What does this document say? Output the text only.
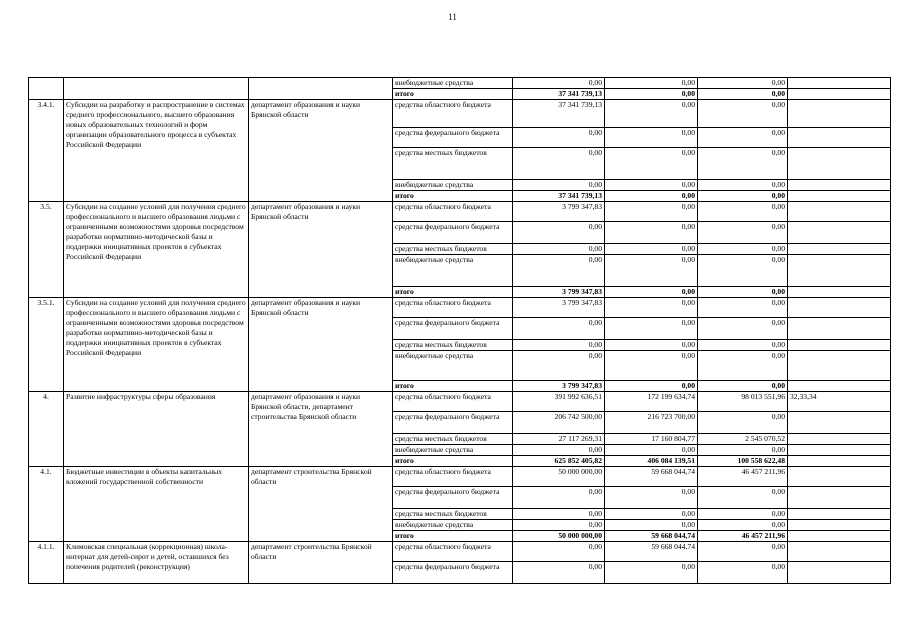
11
			внебюджетные средства	0,00	0,00	0,00	
			итого	37 341 739,13	0,00	0,00	
3.4.1.	Субсидии на разработку и распространение в системах среднего профессионального, высшего образования новых образовательных технологий и форм организации образовательного процесса в субъектах Российской Федерации	департамент образования и науки Брянской области	средства областного бюджета	37 341 739,13	0,00	0,00	
			средства федерального бюджета	0,00	0,00	0,00	
			средства местных бюджетов	0,00	0,00	0,00	
			внебюджетные средства	0,00	0,00	0,00	
			итого	37 341 739,13	0,00	0,00	
3.5.	Субсидии на создание условий для получения среднего профессионального и высшего образования людьми с ограниченными возможностями здоровья посредством разработки нормативно-методической базы и поддержки инициативных проектов в субъектах Российской Федерации	департамент образования и науки Брянской области	средства областного бюджета	3 799 347,83	0,00	0,00	
			средства федерального бюджета	0,00	0,00	0,00	
			средства местных бюджетов	0,00	0,00	0,00	
			внебюджетные средства	0,00	0,00	0,00	
			итого	3 799 347,83	0,00	0,00	
3.5.1.	Субсидии на создание условий для получения среднего профессионального и высшего образования людьми с ограниченными возможностями здоровья посредством разработки нормативно-методической базы и поддержки инициативных проектов в субъектах Российской Федерации	департамент образования и науки Брянской области	средства областного бюджета	3 799 347,83	0,00	0,00	
			средства федерального бюджета	0,00	0,00	0,00	
			средства местных бюджетов	0,00	0,00	0,00	
			внебюджетные средства	0,00	0,00	0,00	
			итого	3 799 347,83	0,00	0,00	
4.	Развитие инфраструктуры сферы образования	департамент образования и науки Брянской области, департамент строительства Брянской области	средства областного бюджета	391 992 636,51	172 199 634,74	98 013 551,96	32,33,34
			средства федерального бюджета	206 742 500,00	216 723 700,00	0,00	
			средства местных бюджетов	27 117 269,31	17 160 804,77	2 545 070,52	
			внебюджетные средства	0,00	0,00	0,00	
			итого	625 852 405,82	406 084 139,51	100 558 622,48	
4.1.	Бюджетные инвестиции в объекты капитальных вложений государственной собственности	департамент строительства Брянской области	средства областного бюджета	50 000 000,00	59 668 044,74	46 457 211,96	
			средства федерального бюджета	0,00	0,00	0,00	
			средства местных бюджетов	0,00	0,00	0,00	
			внебюджетные средства	0,00	0,00	0,00	
			итого	50 000 000,00	59 668 044,74	46 457 211,96	
4.1.1.	Климовская специальная (коррекционная) школа-интернат для детей-сирот и детей, оставшихся без попечения родителей (реконструкция)	департамент строительства Брянской области	средства областного бюджета	0,00	59 668 044,74	0,00	
			средства федерального бюджета	0,00	0,00	0,00	
